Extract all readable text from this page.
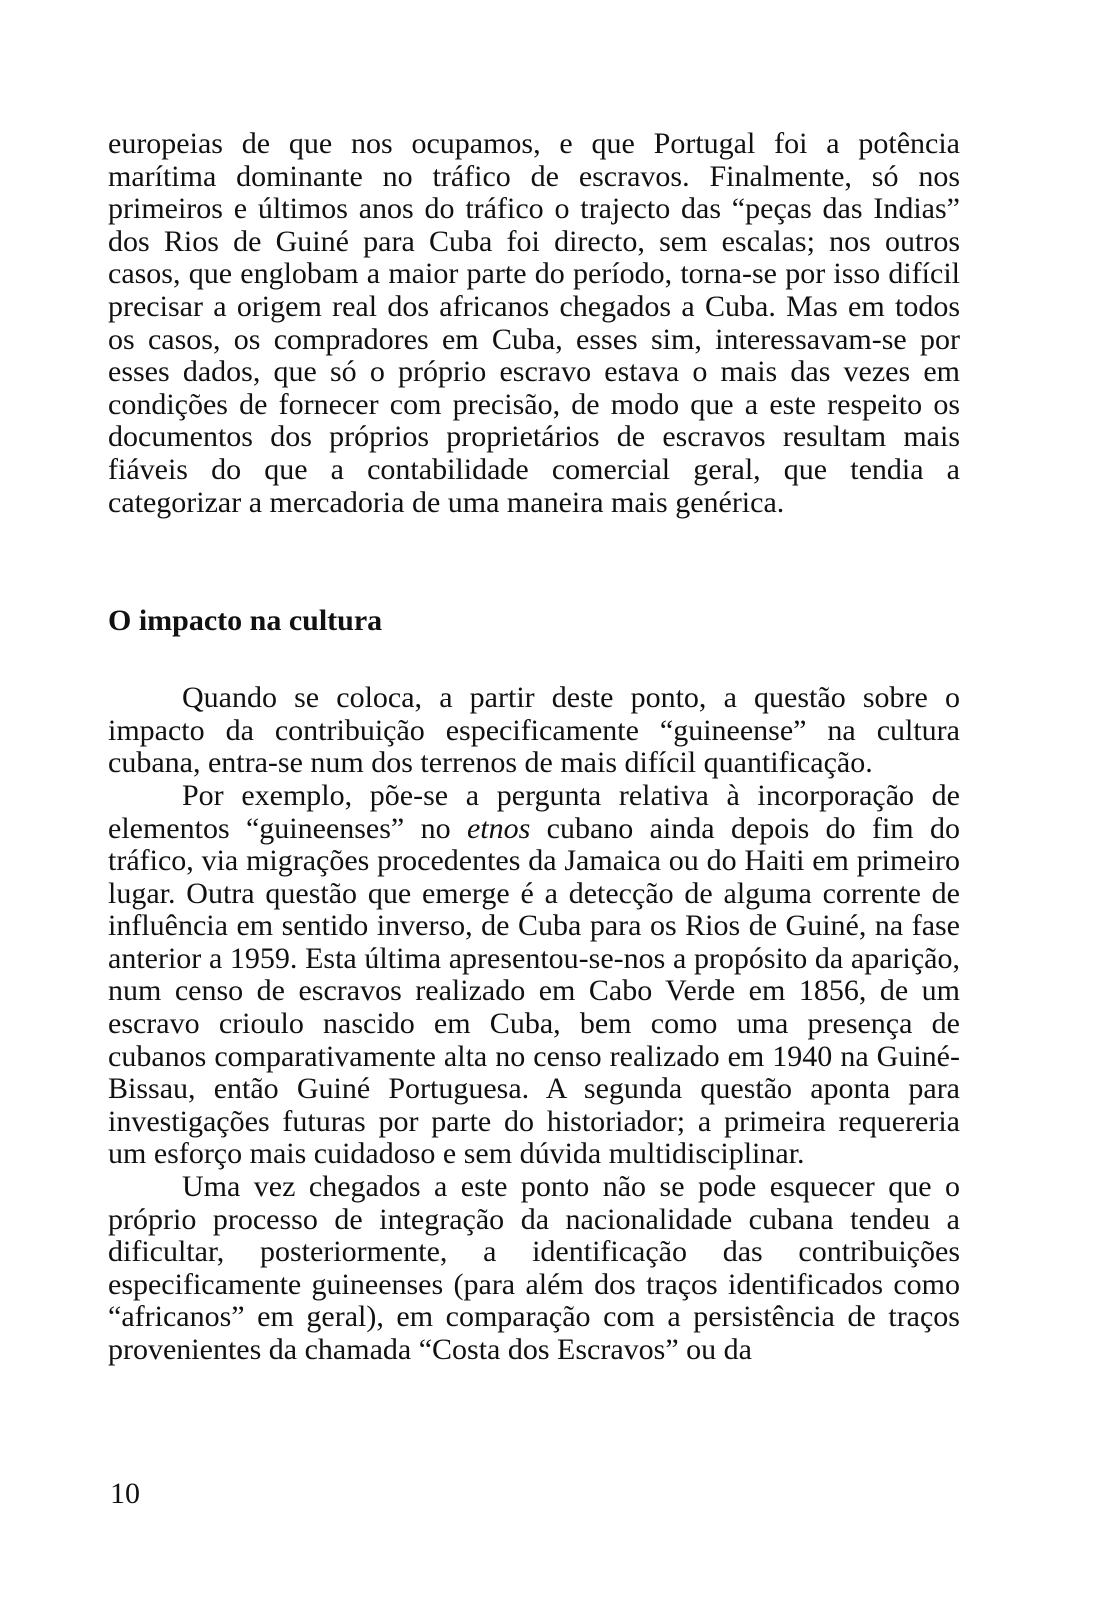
europeias de que nos ocupamos, e que Portugal foi a potência marítima dominante no tráfico de escravos. Finalmente, só nos primeiros e últimos anos do tráfico o trajecto das “peças das Indias” dos Rios de Guiné para Cuba foi directo, sem escalas; nos outros casos, que englobam a maior parte do período, torna-se por isso difícil precisar a origem real dos africanos chegados a Cuba. Mas em todos os casos, os compradores em Cuba, esses sim, interessavam-se por esses dados, que só o próprio escravo estava o mais das vezes em condições de fornecer com precisão, de modo que a este respeito os documentos dos próprios proprietários de escravos resultam mais fiáveis do que a contabilidade comercial geral, que tendia a categorizar a mercadoria de uma maneira mais genérica.

O impacto na cultura

Quando se coloca, a partir deste ponto, a questão sobre o impacto da contribuição especificamente “guineense” na cultura cubana, entra-se num dos terrenos de mais difícil quantificação.

Por exemplo, põe-se a pergunta relativa à incorporação de elementos “guineenses” no etnos cubano ainda depois do fim do tráfico, via migrações procedentes da Jamaica ou do Haiti em primeiro lugar. Outra questão que emerge é a detecção de alguma corrente de influência em sentido inverso, de Cuba para os Rios de Guiné, na fase anterior a 1959. Esta última apresentou-se-nos a propósito da aparição, num censo de escravos realizado em Cabo Verde em 1856, de um escravo crioulo nascido em Cuba, bem como uma presença de cubanos comparativamente alta no censo realizado em 1940 na Guiné-Bissau, então Guiné Portuguesa. A segunda questão aponta para investigações futuras por parte do historiador; a primeira requereria um esforço mais cuidadoso e sem dúvida multidisciplinar.

Uma vez chegados a este ponto não se pode esquecer que o próprio processo de integração da nacionalidade cubana tendeu a dificultar, posteriormente, a identificação das contribuições especificamente guineenses (para além dos traços identificados como “africanos” em geral), em comparação com a persistência de traços provenientes da chamada “Costa dos Escravos” ou da

10
